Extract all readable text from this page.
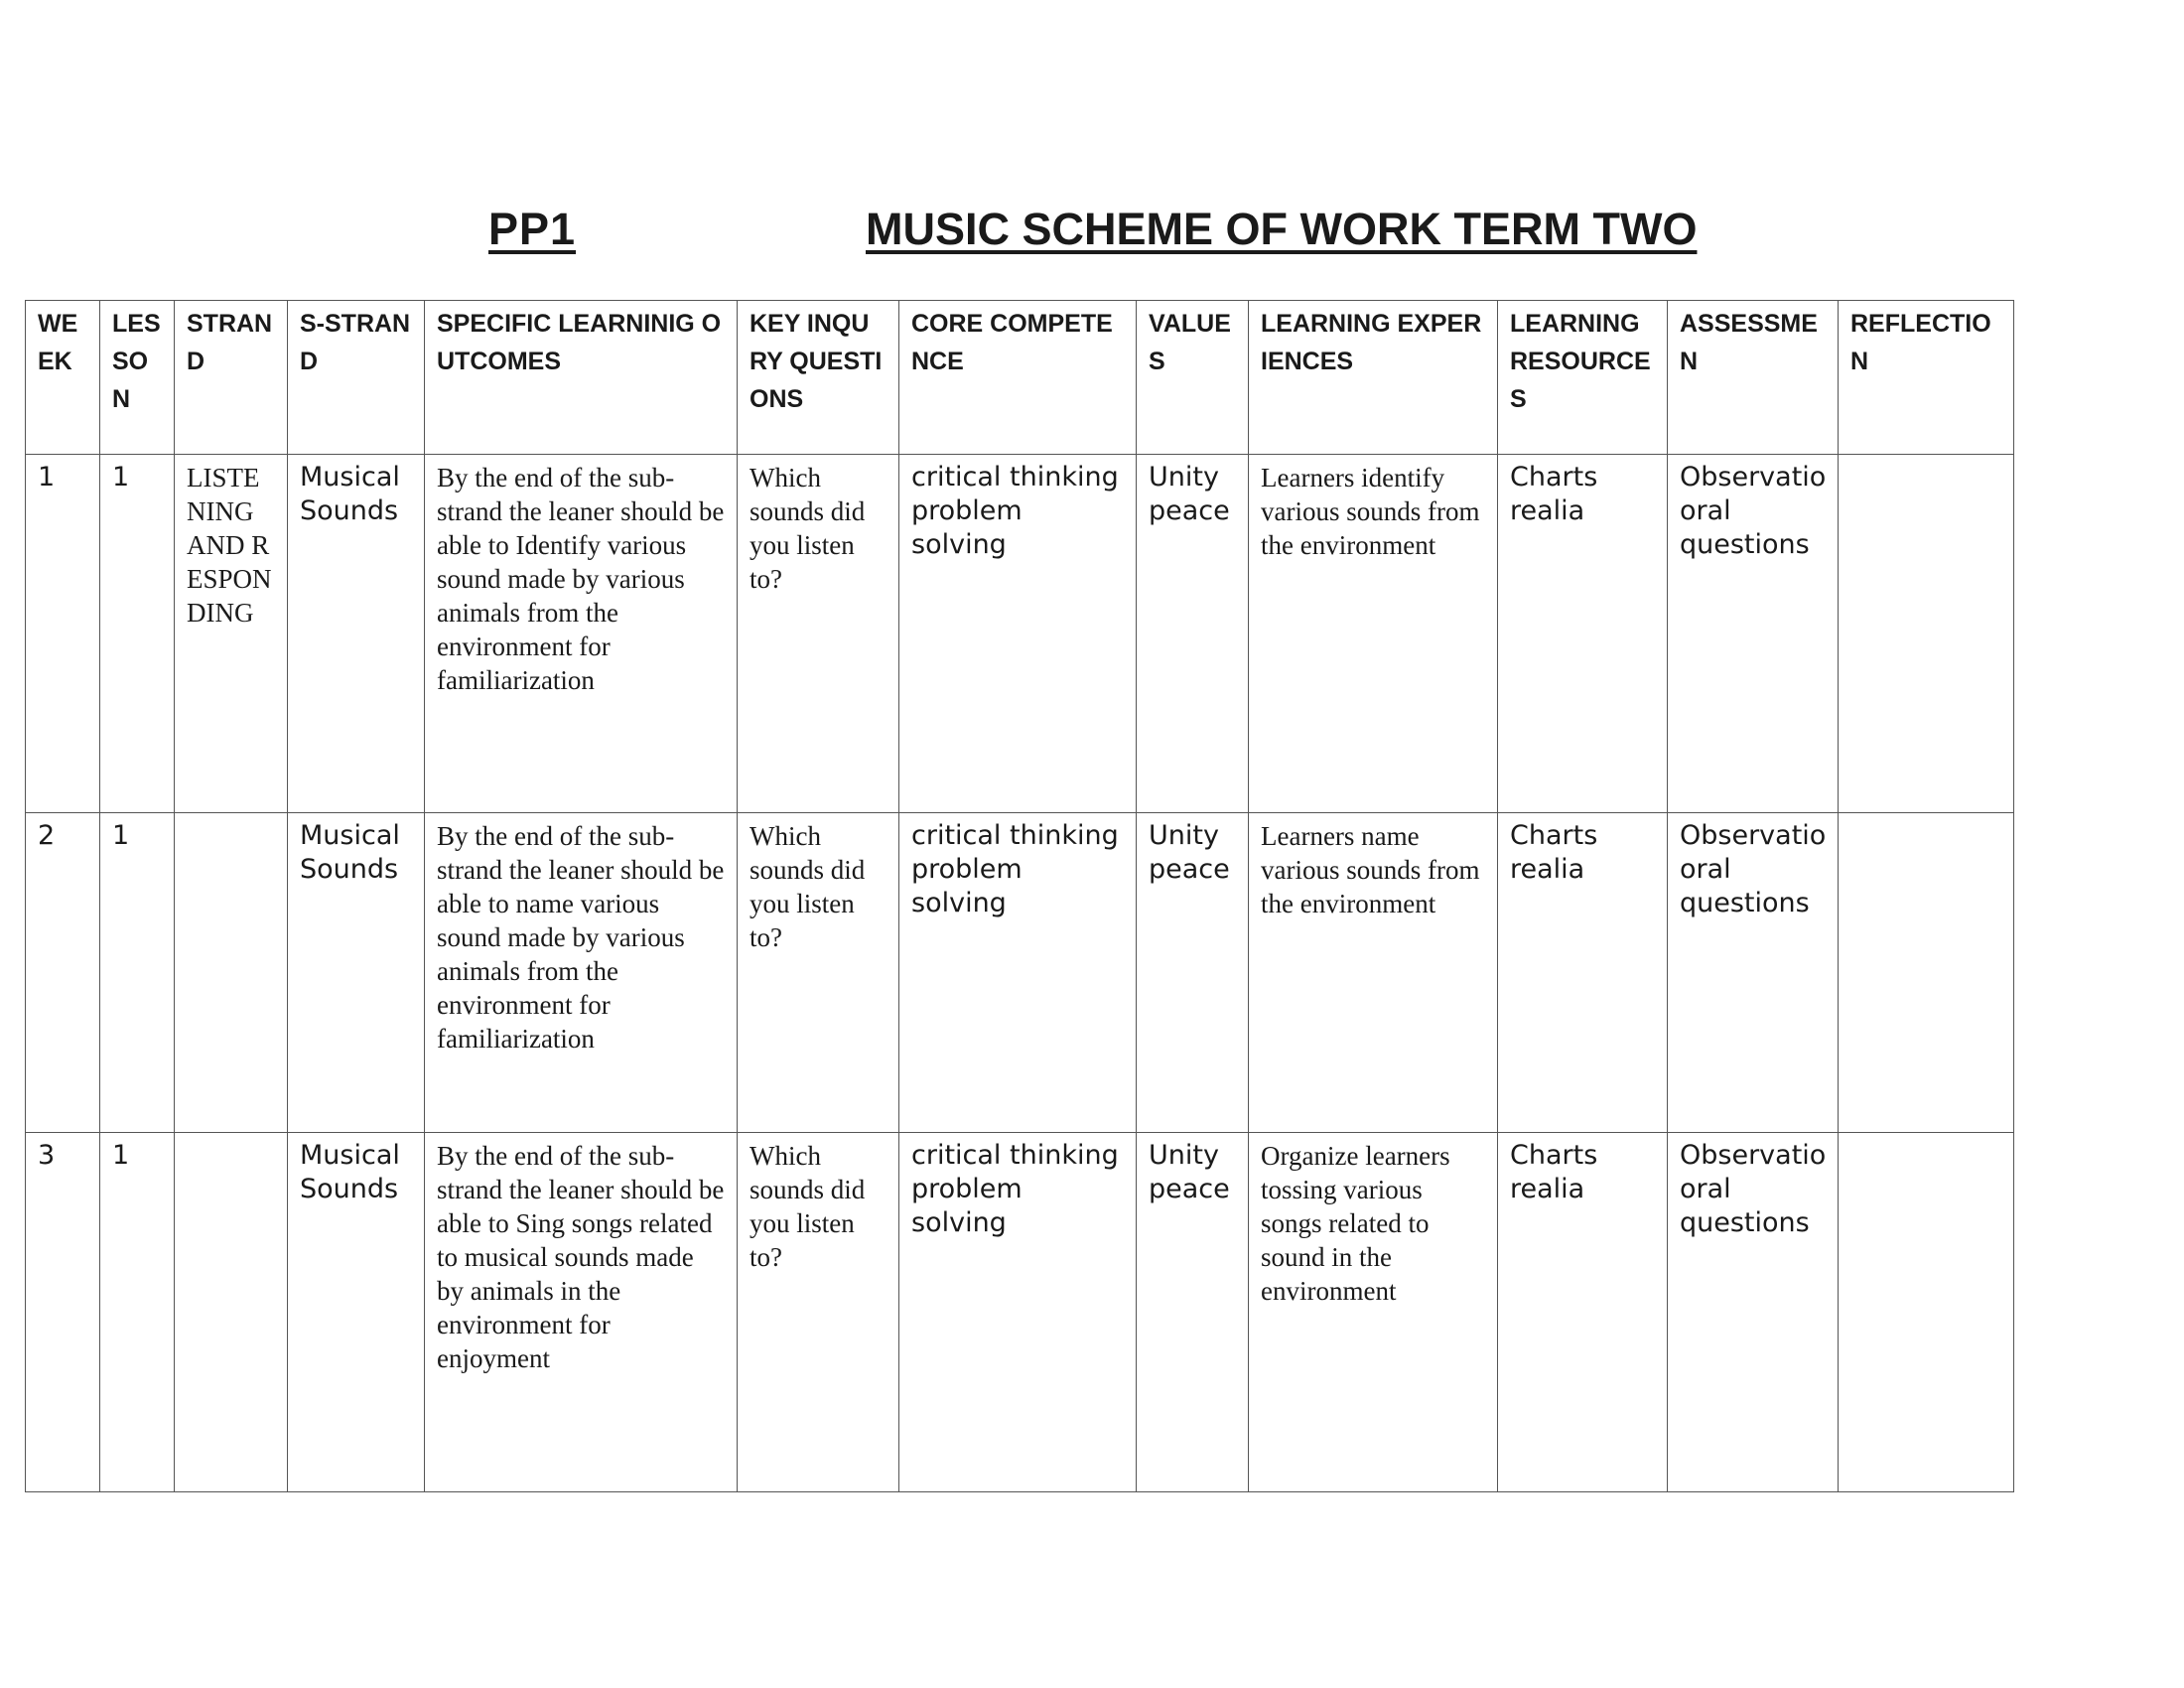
PP1	MUSIC SCHEME OF WORK TERM TWO
WEEK	LESSON	STRAND	S-STRAND	SPECIFIC LEARNINIG OUTCOMES	KEY INQURY QUESTIONS	CORE COMPETENCE	VALUES	LEARNING EXPERIENCES	LEARNING RESOURCES	ASSESSMEN	REFLECTION
1	1	LISTENING AND RESPONDING	Musical Sounds	By the end of the sub-strand the leaner should be able to Identify various sound made by various animals from the environment for familiarization	Which sounds did you listen to?	critical thinking problem solving	Unity peace	Learners identify various sounds from the environment	Charts realia	Observatio oral questions	
2	1		Musical Sounds	By the end of the sub-strand the leaner should be able to name various sound made by various animals from the environment for familiarization	Which sounds did you listen to?	critical thinking problem solving	Unity peace	Learners name various sounds from the environment	Charts realia	Observatio oral questions	
3	1		Musical Sounds	By the end of the sub-strand the leaner should be able to Sing songs related to musical sounds made by animals in the environment for enjoyment	Which sounds did you listen to?	critical thinking problem solving	Unity peace	Organize learners tossing various songs related to sound in the environment	Charts realia	Observatio oral questions	
